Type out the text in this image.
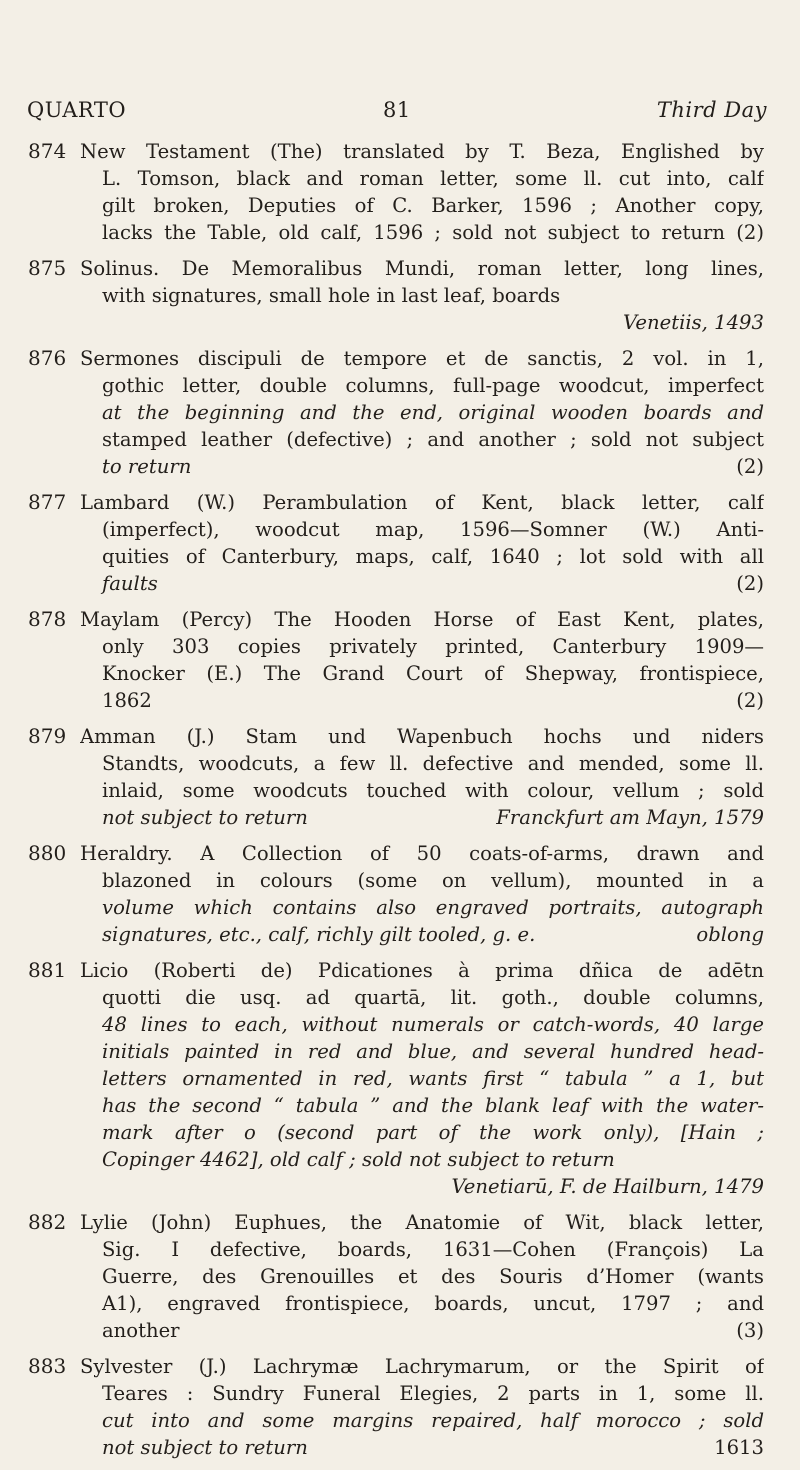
QUARTO	81	Third Day
874 New Testament (The) translated by T. Beza, Englished by
L. Tomson, black and roman letter, some ll. cut into, calf
gilt broken, Deputies of C. Barker, 1596 ; Another copy,
lacks the Table, old calf, 1596 ; sold not subject to return (2)
875 Solinus. De Memoralibus Mundi, roman letter, long lines,
with signatures, small hole in last leaf, boards
Venetiis, 1493
876 Sermones discipuli de tempore et de sanctis, 2 vol. in 1,
gothic letter, double columns, full-page woodcut, imperfect
at the beginning and the end, original wooden boards and
stamped leather (defective) ; and another ; sold not subject
to return	(2)
877 Lambard (W.) Perambulation of Kent, black letter, calf
(imperfect), woodcut map, 1596—Somner (W.) Anti-
quities of Canterbury, maps, calf, 1640 ; lot sold with all
faults	(2)
878 Maylam (Percy) The Hooden Horse of East Kent, plates,
only 303 copies privately printed, Canterbury 1909—
Knocker (E.) The Grand Court of Shepway, frontispiece,
1862	(2)
879 Amman (J.) Stam und Wapenbuch hochs und niders
Standts, woodcuts, a few ll. defective and mended, some ll.
inlaid, some woodcuts touched with colour, vellum ; sold
not subject to return	Franckfurt am Mayn, 1579
880 Heraldry. A Collection of 50 coats-of-arms, drawn and
blazoned in colours (some on vellum), mounted in a
volume which contains also engraved portraits, autograph
signatures, etc., calf, richly gilt tooled, g. e.	oblong
881 Licio (Roberti de) Pdicationes à prima dñica de adētn
quotti die usq. ad quartā, lit. goth., double columns,
48 lines to each, without numerals or catch-words, 40 large
initials painted in red and blue, and several hundred head-
letters ornamented in red, wants first “ tabula ” a 1, but
has the second “ tabula ” and the blank leaf with the water-
mark after o (second part of the work only), [Hain ;
Copinger 4462], old calf ; sold not subject to return
Venetiarū, F. de Hailburn, 1479
882 Lylie (John) Euphues, the Anatomie of Wit, black letter,
Sig. I defective, boards, 1631—Cohen (François) La
Guerre, des Grenouilles et des Souris d’Homer (wants
A1), engraved frontispiece, boards, uncut, 1797 ; and
another	(3)
883 Sylvester (J.) Lachrymæ Lachrymarum, or the Spirit of
Teares : Sundry Funeral Elegies, 2 parts in 1, some ll.
cut into and some margins repaired, half morocco ; sold
not subject to return	1613
